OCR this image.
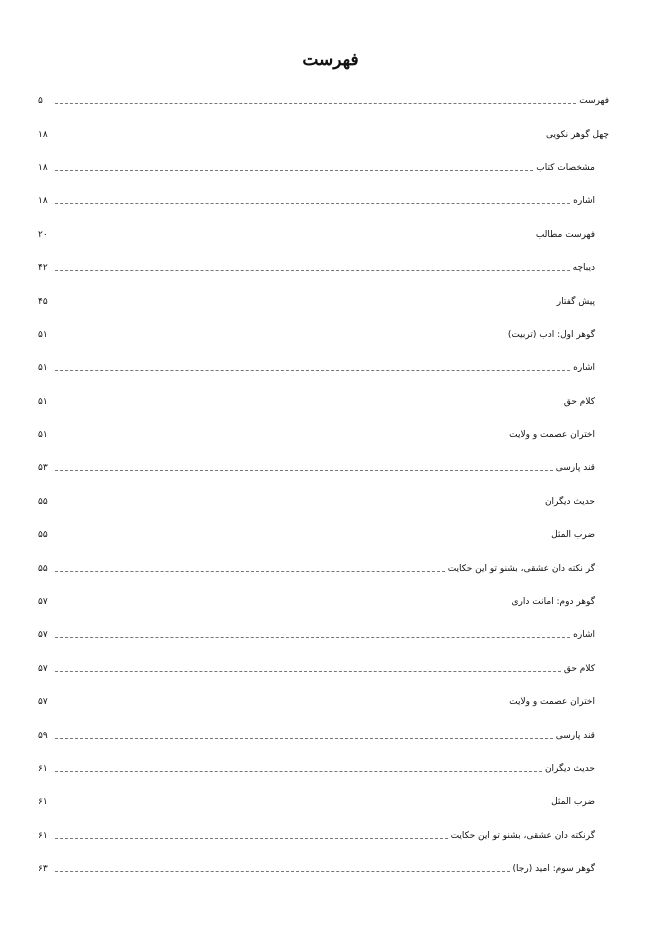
فهرست
فهرست
۵
چهل گوهر نکویی
۱۸
مشخصات کتاب
۱۸
اشاره
۱۸
فهرست مطالب
۲۰
دیباچه
۴۲
پیش گفتار
۴۵
گوهر اول: ادب (تربیت)
۵۱
اشاره
۵۱
کلام حق
۵۱
اختران عصمت و ولایت
۵۱
قند پارسی
۵۳
حدیث دیگران
۵۵
ضرب المثل
۵۵
گر نکته دان عشقی، بشنو تو این حکایت
۵۵
گوهر دوم: امانت داری
۵۷
اشاره
۵۷
کلام حق
۵۷
اختران عصمت و ولایت
۵۷
قند پارسی
۵۹
حدیث دیگران
۶۱
ضرب المثل
۶۱
گرنکته دان عشقی، بشنو تو این حکایت
۶۱
گوهر سوم: امید (رجا)
۶۳
